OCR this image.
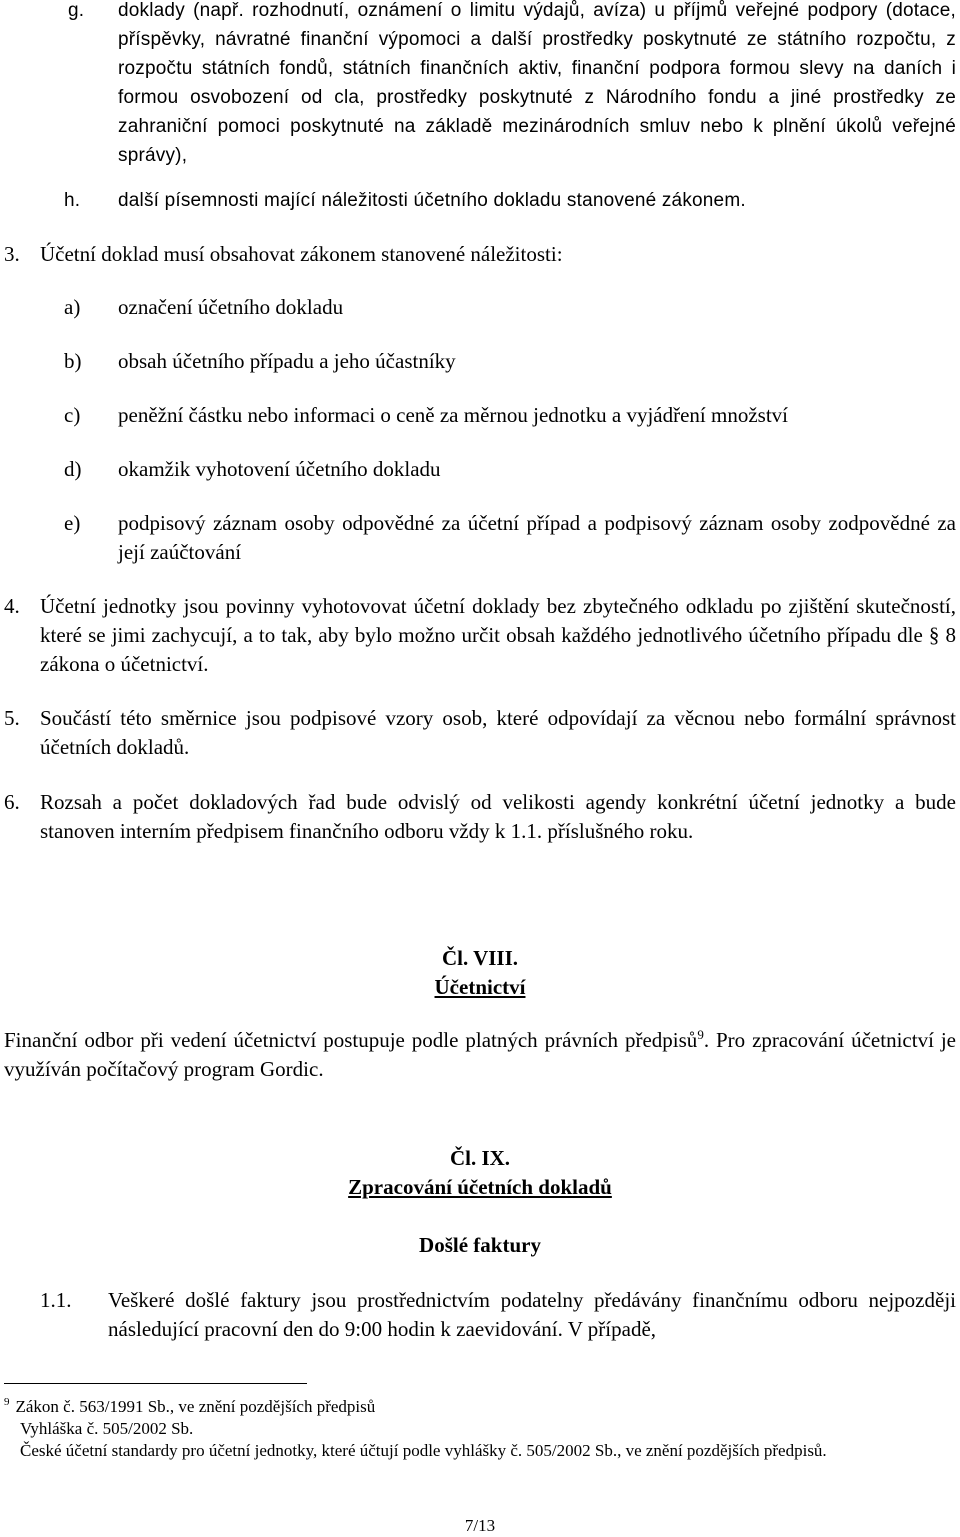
g. doklady (např. rozhodnutí, oznámení o limitu výdajů, avíza) u příjmů veřejné podpory (dotace, příspěvky, návratné finanční výpomoci a další prostředky poskytnuté ze státního rozpočtu, z rozpočtu státních fondů, státních finančních aktiv, finanční podpora formou slevy na daních i formou osvobození od cla, prostředky poskytnuté z Národního fondu a jiné prostředky ze zahraniční pomoci poskytnuté na základě mezinárodních smluv nebo k plnění úkolů veřejné správy),
h. další písemnosti mající náležitosti účetního dokladu stanovené zákonem.
3. Účetní doklad musí obsahovat zákonem stanovené náležitosti:
a) označení účetního dokladu
b) obsah účetního případu a jeho účastníky
c) peněžní částku nebo informaci o ceně za měrnou jednotku a vyjádření množství
d) okamžik vyhotovení účetního dokladu
e) podpisový záznam osoby odpovědné za účetní případ a podpisový záznam osoby zodpovědné za její zaúčtování
4. Účetní jednotky jsou povinny vyhotovovat účetní doklady bez zbytečného odkladu po zjištění skutečností, které se jimi zachycují, a to tak, aby bylo možno určit obsah každého jednotlivého účetního případu dle § 8 zákona o účetnictví.
5. Součástí této směrnice jsou podpisové vzory osob, které odpovídají za věcnou nebo formální správnost účetních dokladů.
6. Rozsah a počet dokladových řad bude odvislý od velikosti agendy konkrétní účetní jednotky a bude stanoven interním předpisem finančního odboru vždy k 1.1. příslušného roku.
Čl. VIII.
Účetnictví
Finanční odbor při vedení účetnictví postupuje podle platných právních předpisů$^9$. Pro zpracování účetnictví je využíván počítačový program Gordic.
Čl. IX.
Zpracování účetních dokladů
Došlé faktury
1.1. Veškeré došlé faktury jsou prostřednictvím podatelny předávány finančnímu odboru nejpozději následující pracovní den do 9:00 hodin k zaevidování. V případě,
$^9$ Zákon č. 563/1991 Sb., ve znění pozdějších předpisů
Vyhláška č. 505/2002 Sb.
České účetní standardy pro účetní jednotky, které účtují podle vyhlášky č. 505/2002 Sb., ve znění pozdějších předpisů.
7/13
